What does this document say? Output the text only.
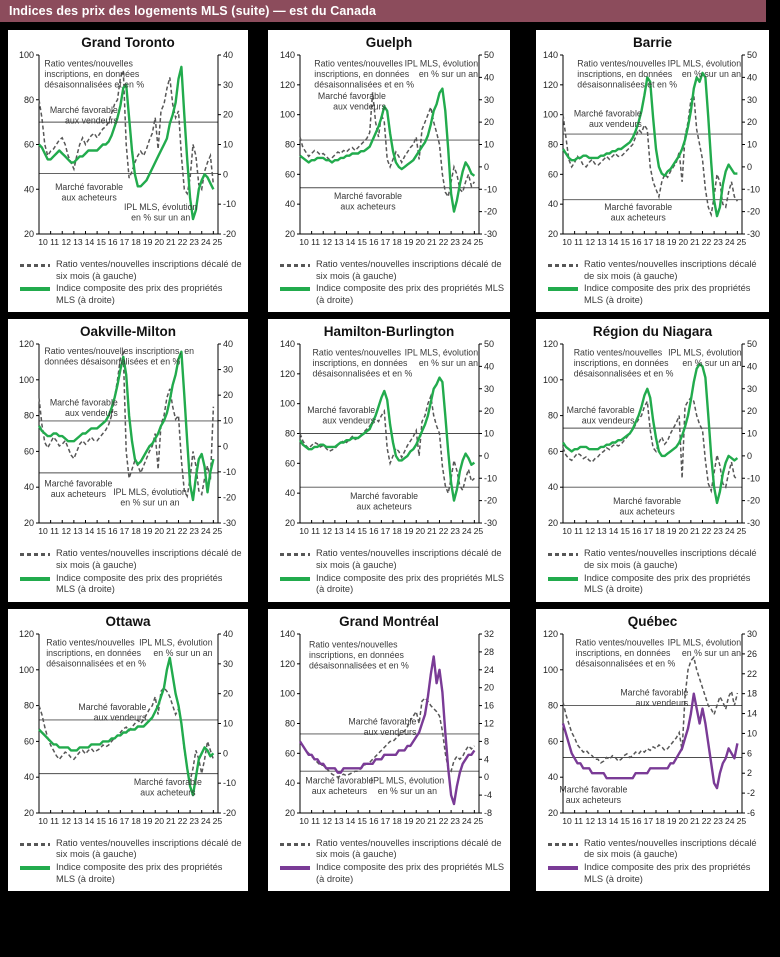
Indices des prix des logements MLS (suite) — est du Canada
Grand Toronto
20
40
60
80
100
-20
-10
0
10
20
30
40
10 11 12 13 14 15 16 17 18 19 20 21 22 23 24 25
Ratio ventes/nouvelles
inscriptions, en données
désaisonnalisées et en %
Marché favorable
aux vendeurs
Marché favorable
aux acheteurs
IPL MLS, évolution
en % sur un an
Ratio ventes/nouvelles inscriptions décalé de six mois (à gauche)
Indice composite des prix des propriétés MLS (à droite)
Guelph
20
40
60
80
100
120
140
-30
-20
-10
0
10
20
30
40
50
10 11 12 13 14 15 16 17 18 19 20 21 22 23 24 25
Ratio ventes/nouvelles
inscriptions, en données
désaisonnalisées et en %
IPL MLS, évolution
en % sur un an
Marché favorable
aux vendeurs
Marché favorable
aux acheteurs
Ratio ventes/nouvelles inscriptions décalé de six mois (à gauche)
Indice composite des prix des propriétés MLS (à droite)
Barrie
20
40
60
80
100
120
140
-30
-20
-10
0
10
20
30
40
50
10 11 12 13 14 15 16 17 18 19 20 21 22 23 24 25
Ratio ventes/nouvelles
inscriptions, en données
désaisonnalisées et en %
IPL MLS, évolution
en % sur un an
Marché favorable
aux vendeurs
Marché favorable
aux acheteurs
Ratio ventes/nouvelles inscriptions décalé de six mois (à gauche)
Indice composite des prix des propriétés MLS (à droite)
Oakville-Milton
20
40
60
80
100
120
-30
-20
-10
0
10
20
30
40
10 11 12 13 14 15 16 17 18 19 20 21 22 23 24 25
Ratio ventes/nouvelles inscriptions, en
données désaisonnalisées et en %
Marché favorable
aux vendeurs
Marché favorable
aux acheteurs IPL MLS, évolution
en % sur un an
Ratio ventes/nouvelles inscriptions décalé de six mois (à gauche)
Indice composite des prix des propriétés MLS (à droite)
Hamilton-Burlington
20
40
60
80
100
120
140
-30
-20
-10
0
10
20
30
40
50
10 11 12 13 14 15 16 17 18 19 20 21 22 23 24 25
Ratio ventes/nouvelles
inscriptions, en données
désaisonnalisées et en %
IPL MLS, évolution
en % sur un an
Marché favorable
aux vendeurs
Marché favorable
aux acheteurs
Ratio ventes/nouvelles inscriptions décalé de six mois (à gauche)
Indice composite des prix des propriétés MLS (à droite)
Région du Niagara
20
40
60
80
100
120
-30
-20
-10
0
10
20
30
40
50
10 11 12 13 14 15 16 17 18 19 20 21 22 23 24 25
Ratio ventes/nouvelles
inscriptions, en données
désaisonnalisées et en %
IPL MLS, évolution
en % sur un an
Marché favorable
aux vendeurs
Marché favorable
aux acheteurs
Ratio ventes/nouvelles inscriptions décalé de six mois (à gauche)
Indice composite des prix des propriétés MLS (à droite)
Ottawa
20
40
60
80
100
120
-20
-10
0
10
20
30
40
10 11 12 13 14 15 16 17 18 19 20 21 22 23 24 25
Ratio ventes/nouvelles
inscriptions, en données
désaisonnalisées et en %
IPL MLS, évolution
en % sur un an
Marché favorable
aux vendeurs
Marché favorable
aux acheteurs
Ratio ventes/nouvelles inscriptions décalé de six mois (à gauche)
Indice composite des prix des propriétés MLS (à droite)
Grand Montréal
20
40
60
80
100
120
140
-8
-4
0
4
8
12
16
20
24
28
32
10 11 12 13 14 15 16 17 18 19 20 21 22 23 24 25
Ratio ventes/nouvelles
inscriptions, en données
désaisonnalisées et en %
Marché favorable
aux vendeurs
Marché favorable
aux acheteurs
IPL MLS, évolution
en % sur un an
Ratio ventes/nouvelles inscriptions décalé de six mois (à gauche)
Indice composite des prix des propriétés MLS (à droite)
Québec
20
40
60
80
100
120
-6
-2
2
6
10
14
18
22
26
30
10 11 12 13 14 15 16 17 18 19 20 21 22 23 24 25
Ratio ventes/nouvelles
inscriptions, en données
désaisonnalisées et en %
IPL MLS, évolution
en % sur un an
Marché favorable
aux vendeurs
Marché favorable
aux acheteurs
Ratio ventes/nouvelles inscriptions décalé de six mois (à gauche)
Indice composite des prix des propriétés MLS (à droite)
